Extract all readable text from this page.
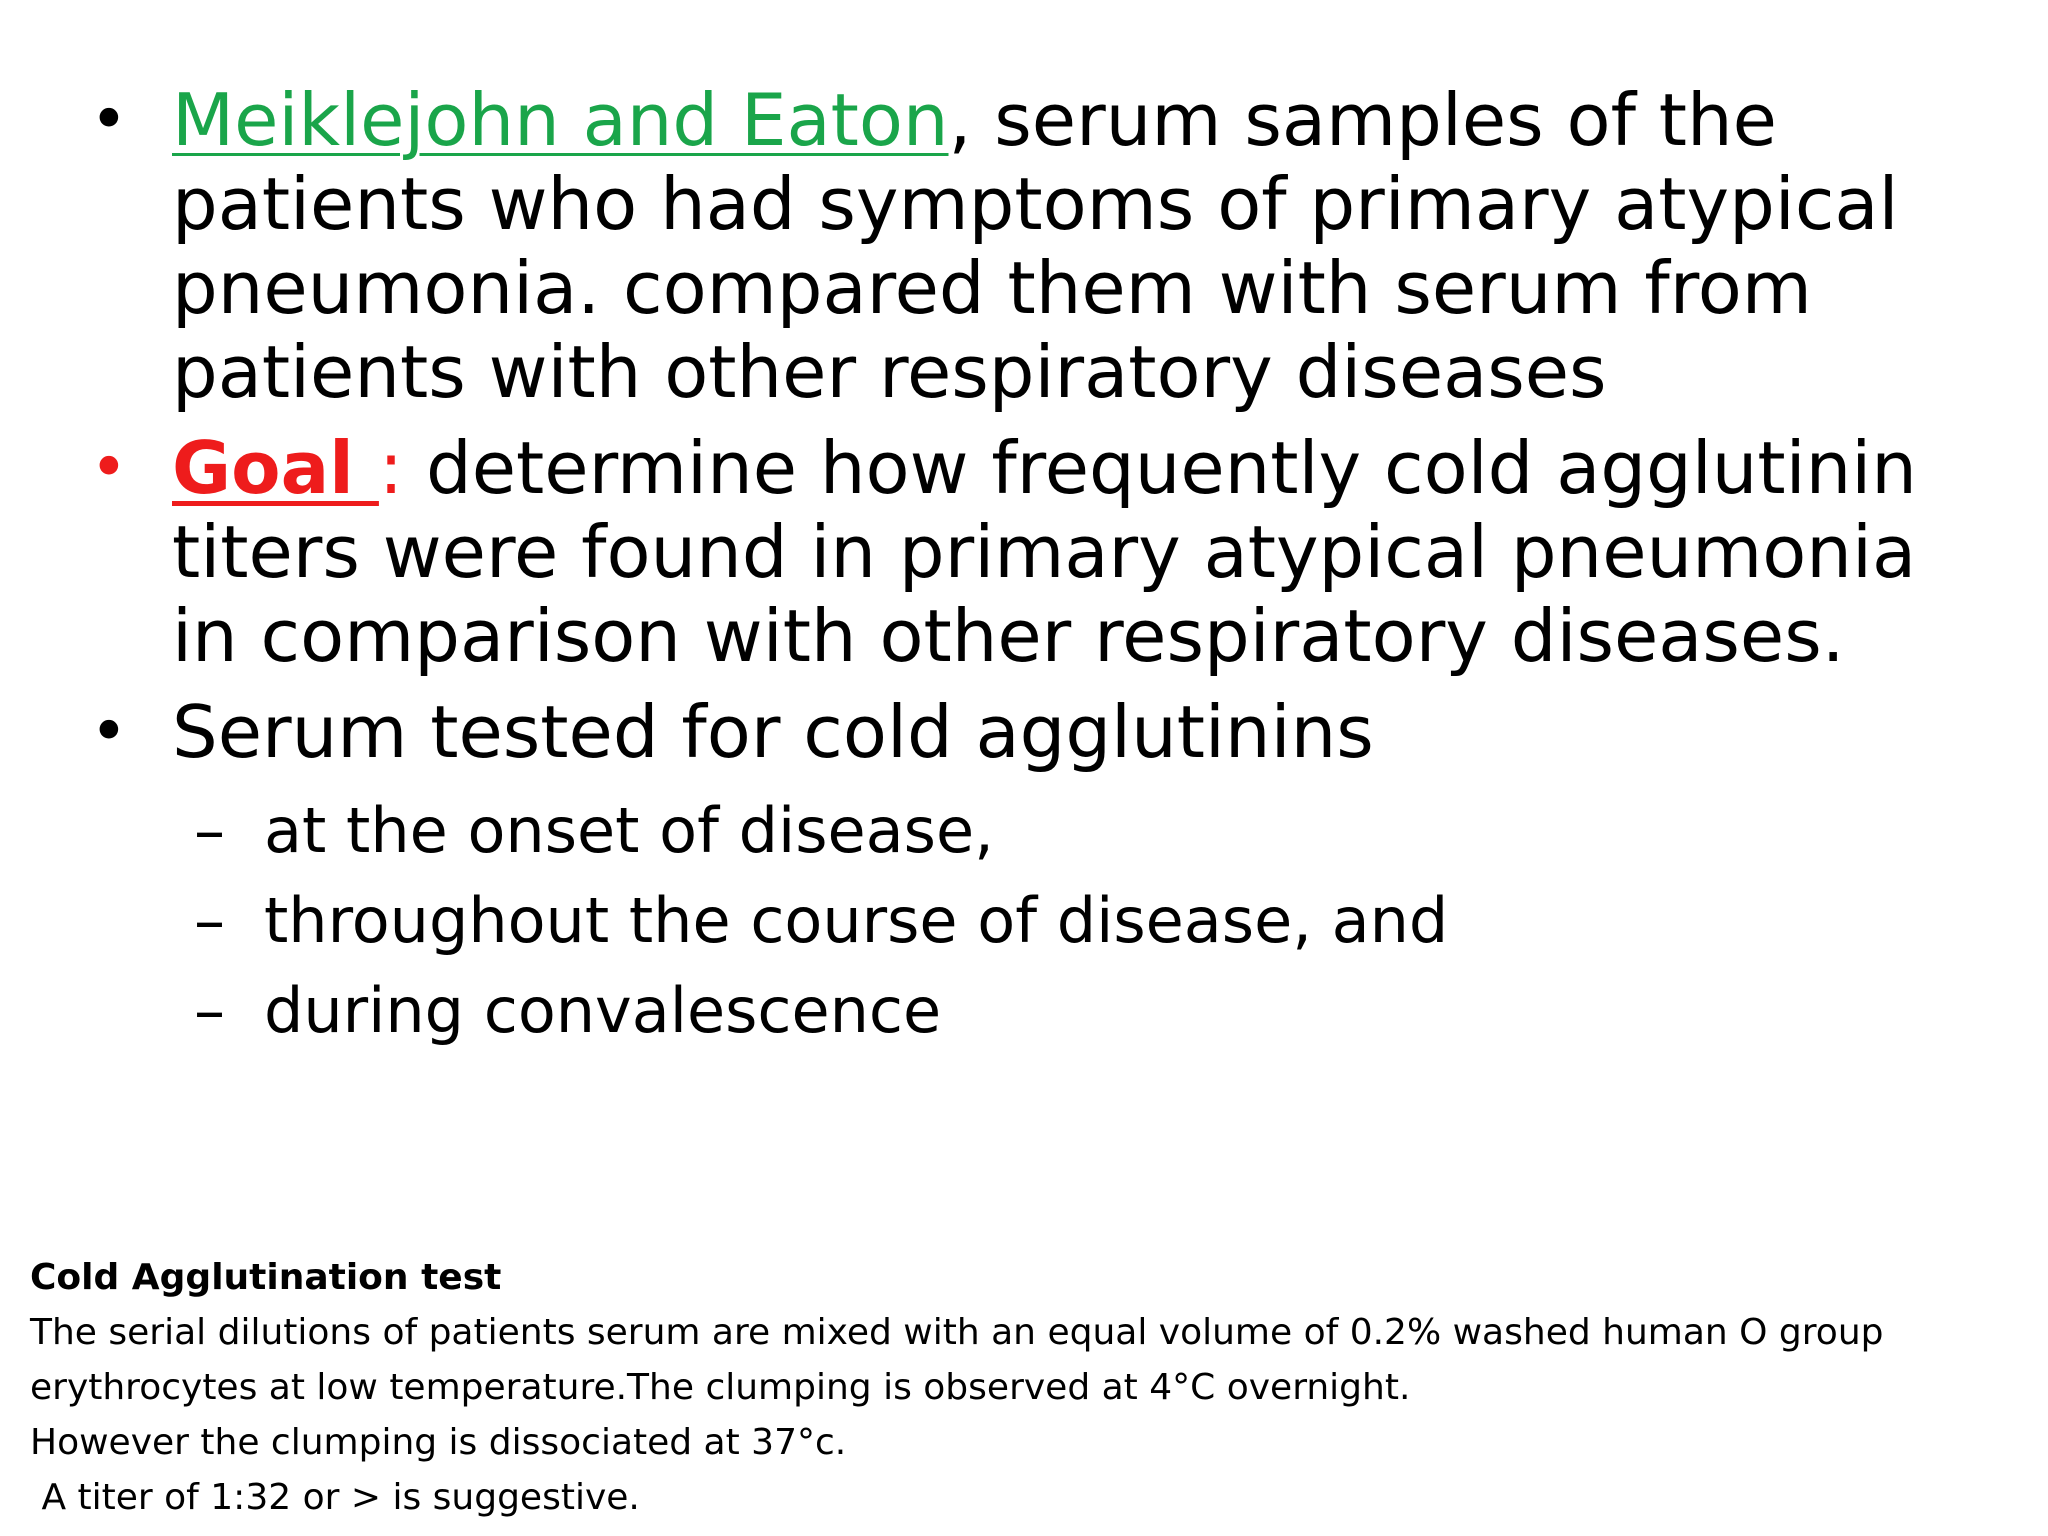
• Meiklejohn and Eaton, serum samples of the patients who had symptoms of primary atypical pneumonia. compared them with serum from patients with other respiratory diseases
• Goal : determine how frequently cold agglutinin titers were found in primary atypical pneumonia in comparison with other respiratory diseases.
• Serum tested for cold agglutinins
– at the onset of disease,
– throughout the course of disease, and
– during convalescence

Cold Agglutination test

The serial dilutions of patients serum are mixed with an equal volume of 0.2% washed human O group

erythrocytes at low temperature.The clumping is observed at 4°C overnight.

However the clumping is dissociated at 37°c.

A titer of 1:32 or > is suggestive.
